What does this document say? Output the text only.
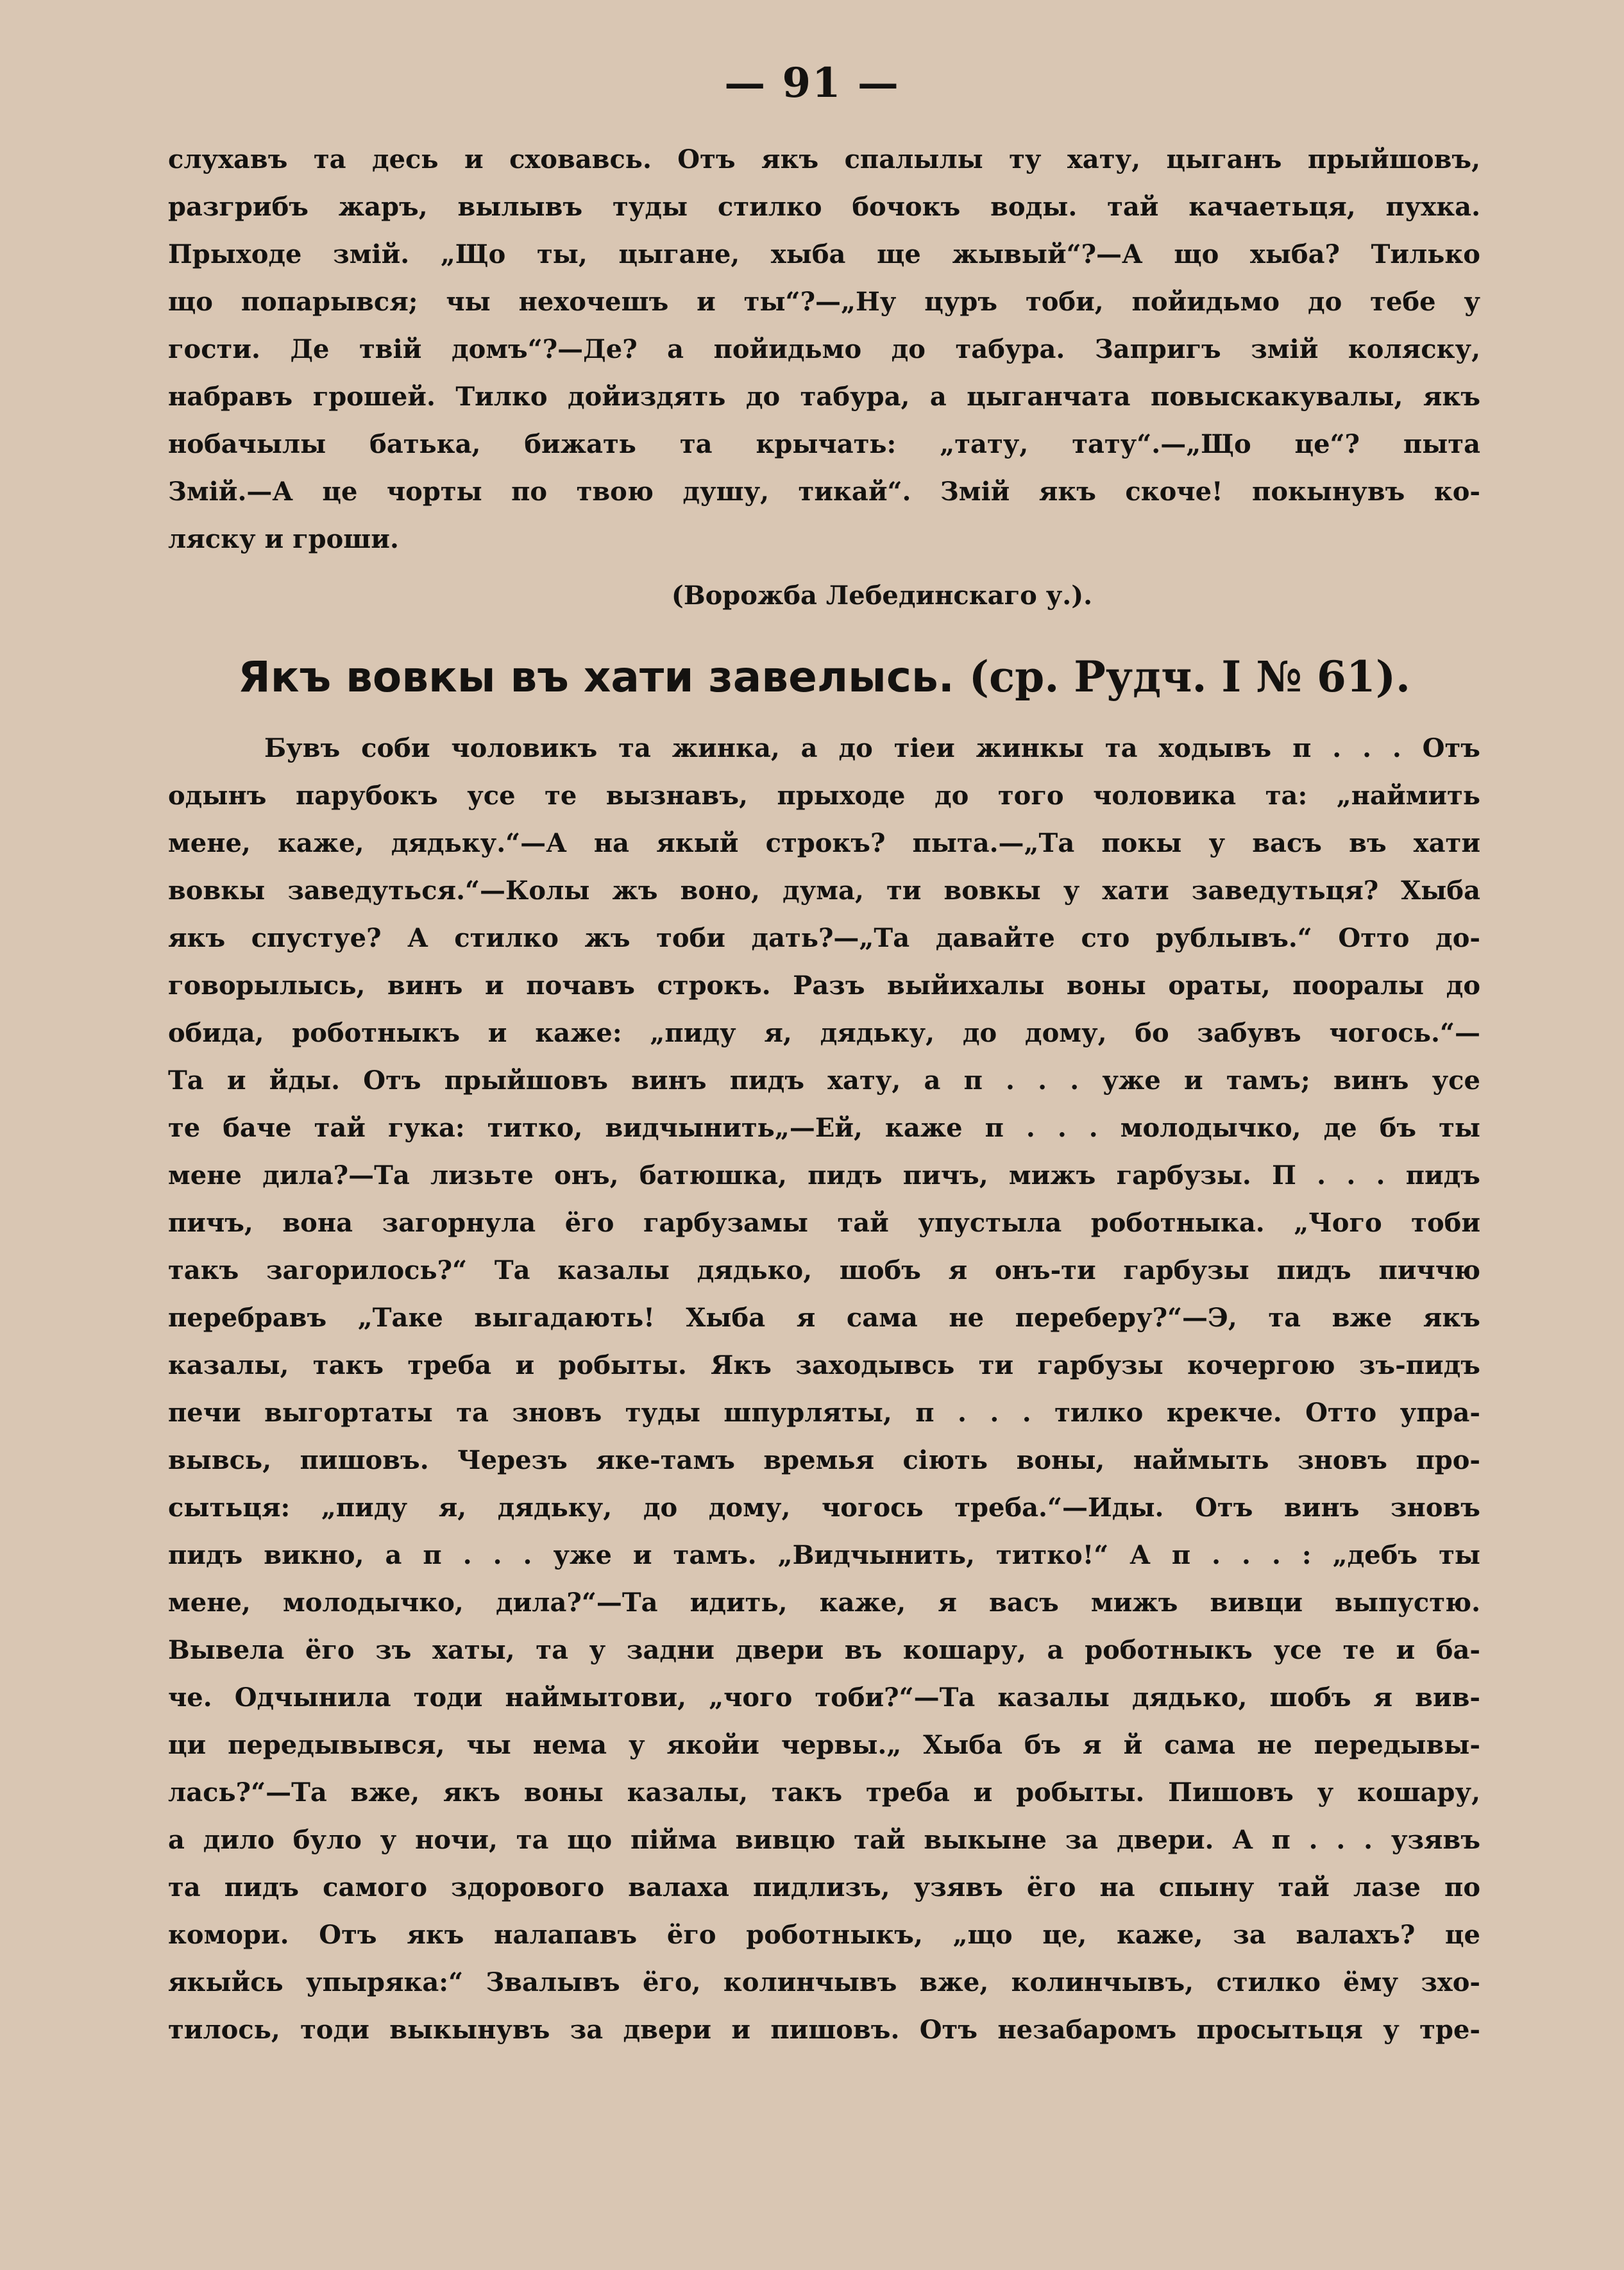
— 91 —
слухавъ та десь и сховавсь. Отъ якъ спалылы ту хату, цыганъ прыйшовъ,
разгрибъ жаръ, вылывъ туды стилко бочокъ воды. тай качаетьця, пухка.
Прыходе змій. „Що ты, цыгане, хыба ще жывый“?—А що хыба? Тилько
що попарывся; чы нехочешъ и ты“?—„Ну цуръ тоби, пойидьмо до тебе у
гости. Де твій домъ“?—Де? а пойидьмо до табура. Запригъ змій коляску,
набравъ грошей. Тилко дойиздять до табура, а цыганчата повыскакувалы, якъ
нобачылы батька, бижать та крычать: „тату, тату“.—„Що це“? пыта
Змій.—А це чорты по твою душу, тикай“. Змій якъ скоче! покынувъ ко-
ляску и гроши.
(Ворожба Лебединскаго у.).
Якъ вовкы въ хати завелысь. (ср. Рудч. I № 61).
Бувъ соби чоловикъ та жинка, а до тіеи жинкы та ходывъ п . . . Отъ
одынъ парубокъ усе те вызнавъ, прыходе до того чоловика та: „наймить
мене, каже, дядьку.“—А на якый строкъ? пыта.—„Та покы у васъ въ хати
вовкы заведуться.“—Колы жъ воно, дума, ти вовкы у хати заведутьця? Хыба
якъ спустуе? А стилко жъ тоби дать?—„Та давайте сто рублывъ.“ Отто до-
говорылысь, винъ и почавъ строкъ. Разъ выйихалы воны ораты, пооралы до
обида, роботныкъ и каже: „пиду я, дядьку, до дому, бо забувъ чогось.“—
Та и йды. Отъ прыйшовъ винъ пидъ хату, а п . . . уже и тамъ; винъ усе
те баче тай гука: титко, видчынить„—Ей, каже п . . . молодычко, де бъ ты
мене дила?—Та лизьте онъ, батюшка, пидъ пичъ, мижъ гарбузы. П . . . пидъ
пичъ, вона загорнула ёго гарбузамы тай упустыла роботныка. „Чого тоби
такъ загорилось?“ Та казалы дядько, шобъ я онъ-ти гарбузы пидъ пиччю
перебравъ „Таке выгадають! Хыба я сама не переберу?“—Э, та вже якъ
казалы, такъ треба и робыты. Якъ заходывсь ти гарбузы кочергою зъ-пидъ
печи выгортаты та зновъ туды шпурляты, п . . . тилко крекче. Отто упра-
вывсь, пишовъ. Черезъ яке-тамъ времья сіють воны, наймыть зновъ про-
сытьця: „пиду я, дядьку, до дому, чогось треба.“—Иды. Отъ винъ зновъ
пидъ викно, а п . . . уже и тамъ. „Видчынить, титко!“ А п . . . : „дебъ ты
мене, молодычко, дила?“—Та идить, каже, я васъ мижъ вивци выпустю.
Вывела ёго зъ хаты, та у задни двери въ кошару, а роботныкъ усе те и ба-
че. Одчынила тоди наймытови, „чого тоби?“—Та казалы дядько, шобъ я вив-
ци передывывся, чы нема у якойи червы.„ Хыба бъ я й сама не передывы-
лась?“—Та вже, якъ воны казалы, такъ треба и робыты. Пишовъ у кошару,
а дило було у ночи, та що пійма вивцю тай выкыне за двери. А п . . . узявъ
та пидъ самого здорового валаха пидлизъ, узявъ ёго на спыну тай лазе по
комори. Отъ якъ налапавъ ёго роботныкъ, „що це, каже, за валахъ? це
якыйсь упыряка:“ Звалывъ ёго, колинчывъ вже, колинчывъ, стилко ёму зхо-
тилось, тоди выкынувъ за двери и пишовъ. Отъ незабаромъ просытьця у тре-
